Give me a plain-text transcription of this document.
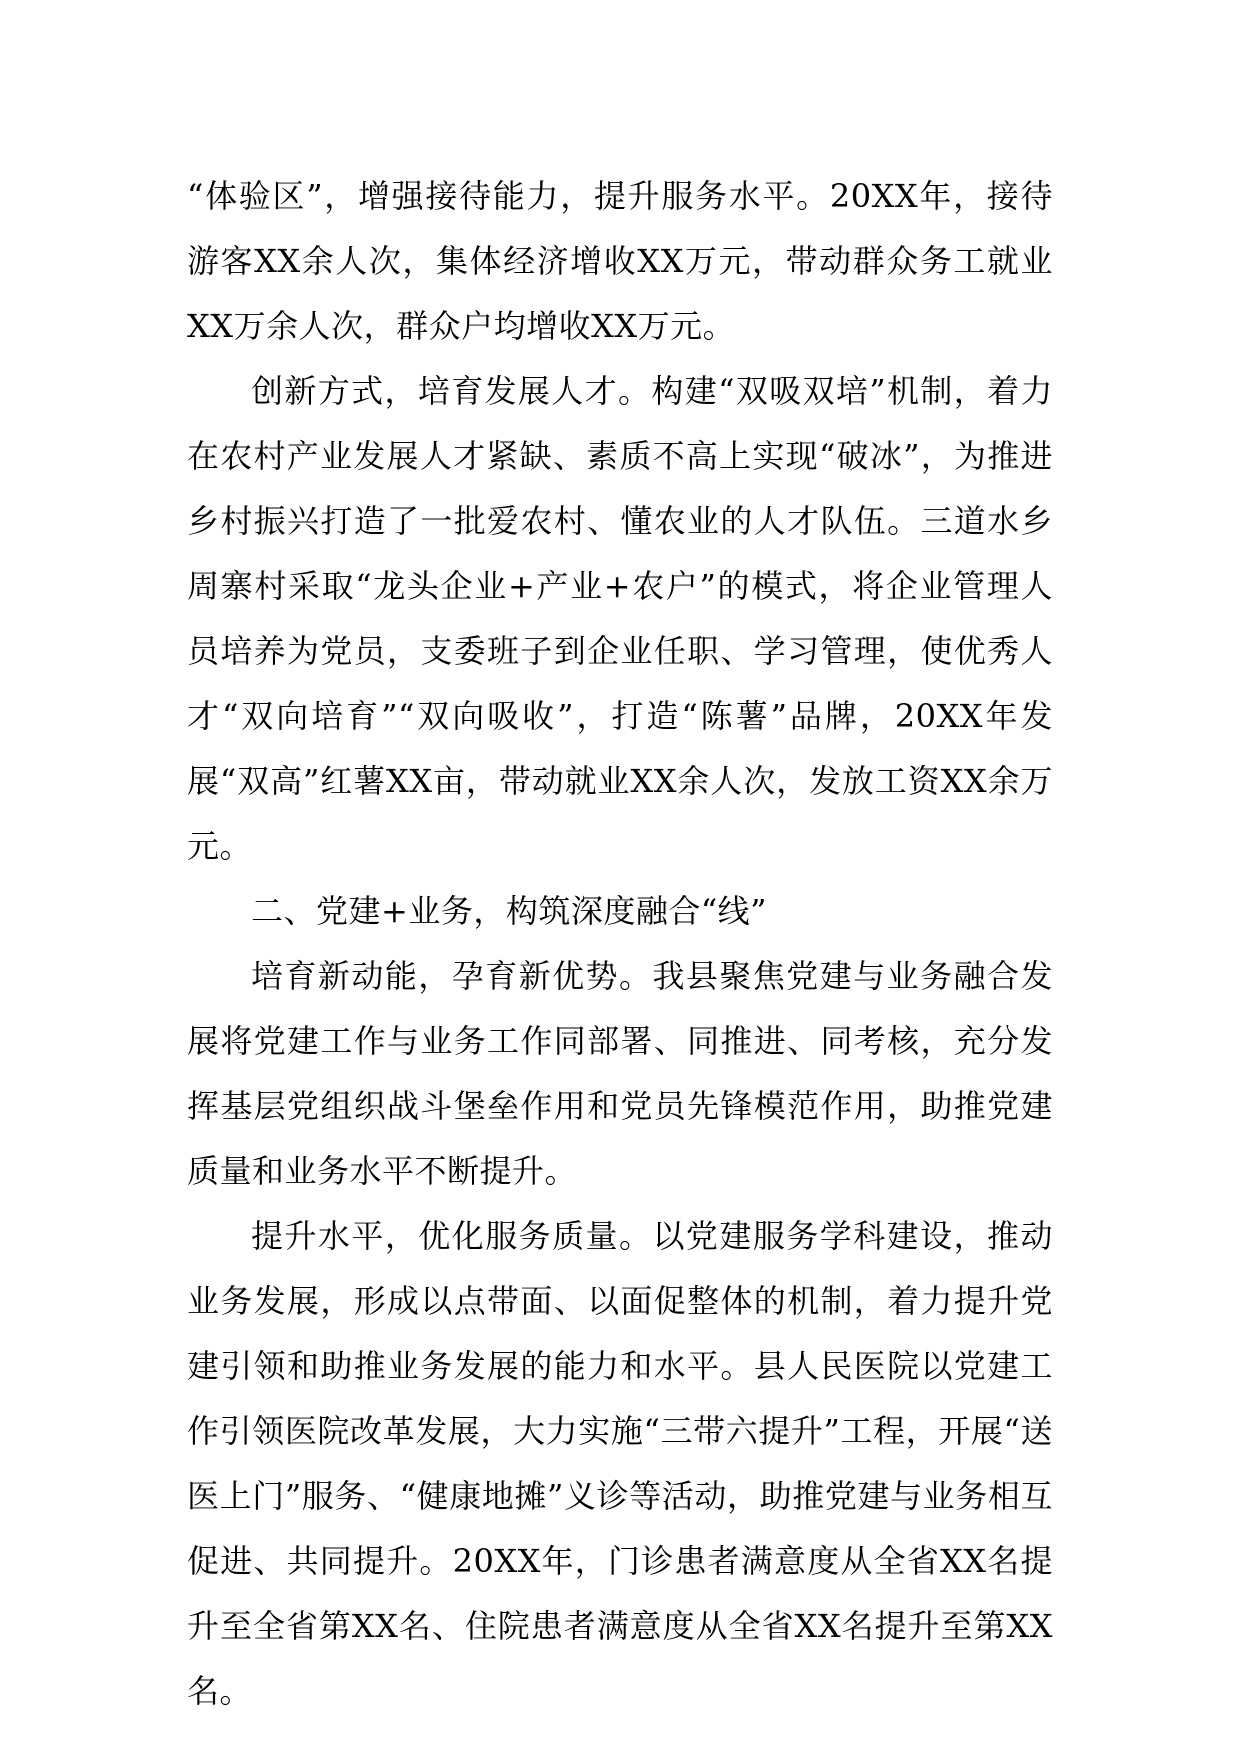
“体验区”，增强接待能力，提升服务水平。20XX年，接待游客XX余人次，集体经济增收XX万元，带动群众务工就业XX万余人次，群众户均增收XX万元。

创新方式，培育发展人才。构建“双吸双培”机制，着力在农村产业发展人才紧缺、素质不高上实现“破冰”，为推进乡村振兴打造了一批爱农村、懂农业的人才队伍。三道水乡周寨村采取“龙头企业+产业+农户”的模式，将企业管理人员培养为党员，支委班子到企业任职、学习管理，使优秀人才“双向培育”“双向吸收”，打造“陈薯”品牌，20XX年发展“双高”红薯XX亩，带动就业XX余人次，发放工资XX余万元。

二、党建+业务，构筑深度融合“线”

培育新动能，孕育新优势。我县聚焦党建与业务融合发展将党建工作与业务工作同部署、同推进、同考核，充分发挥基层党组织战斗堡垒作用和党员先锋模范作用，助推党建质量和业务水平不断提升。

提升水平，优化服务质量。以党建服务学科建设，推动业务发展，形成以点带面、以面促整体的机制，着力提升党建引领和助推业务发展的能力和水平。县人民医院以党建工作引领医院改革发展，大力实施“三带六提升”工程，开展“送医上门”服务、“健康地摊”义诊等活动，助推党建与业务相互促进、共同提升。20XX年，门诊患者满意度从全省XX名提升至全省第XX名、住院患者满意度从全省XX名提升至第XX名。
